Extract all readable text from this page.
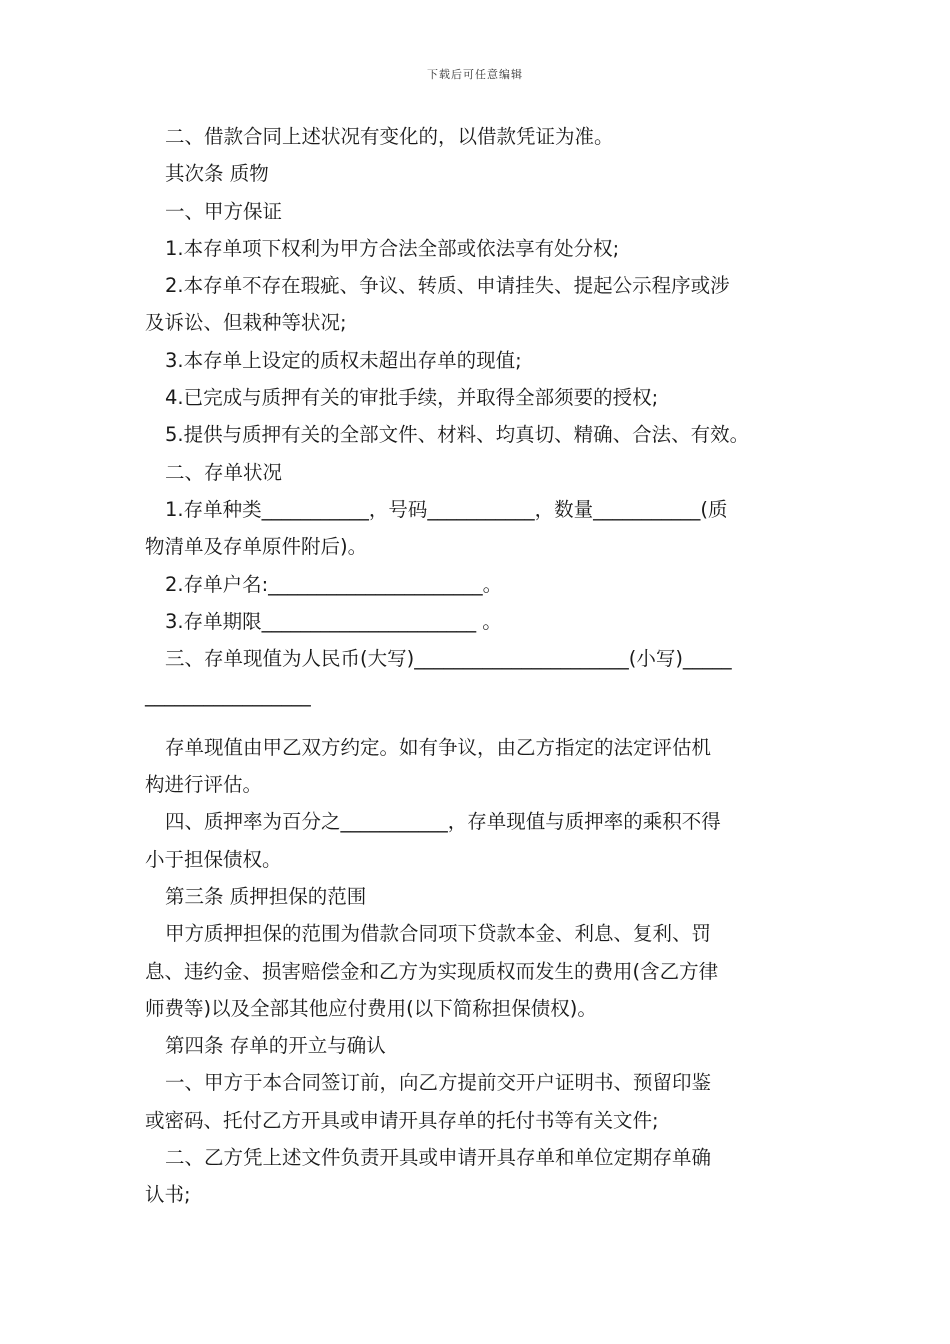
下载后可任意编辑

二、借款合同上述状况有变化的，以借款凭证为准。

其次条 质物

一、甲方保证

1.本存单项下权利为甲方合法全部或依法享有处分权;

2.本存单不存在瑕疵、争议、转质、申请挂失、提起公示程序或涉

及诉讼、但栽种等状况;

3.本存单上设定的质权未超出存单的现值;

4.已完成与质押有关的审批手续，并取得全部须要的授权;

5.提供与质押有关的全部文件、材料、均真切、精确、合法、有效。

二、存单状况

1.存单种类___________，号码___________，数量___________(质

物清单及存单原件附后)。

2.存单户名:______________________。

3.存单期限______________________ 。

三、存单现值为人民币(大写)______________________(小写)_____

_________________

存单现值由甲乙双方约定。如有争议，由乙方指定的法定评估机

构进行评估。

四、质押率为百分之___________，存单现值与质押率的乘积不得

小于担保债权。

第三条 质押担保的范围

甲方质押担保的范围为借款合同项下贷款本金、利息、复利、罚

息、违约金、损害赔偿金和乙方为实现质权而发生的费用(含乙方律

师费等)以及全部其他应付费用(以下简称担保债权)。

第四条 存单的开立与确认

一、甲方于本合同签订前，向乙方提前交开户证明书、预留印鉴

或密码、托付乙方开具或申请开具存单的托付书等有关文件;

二、乙方凭上述文件负责开具或申请开具存单和单位定期存单确

认书;
